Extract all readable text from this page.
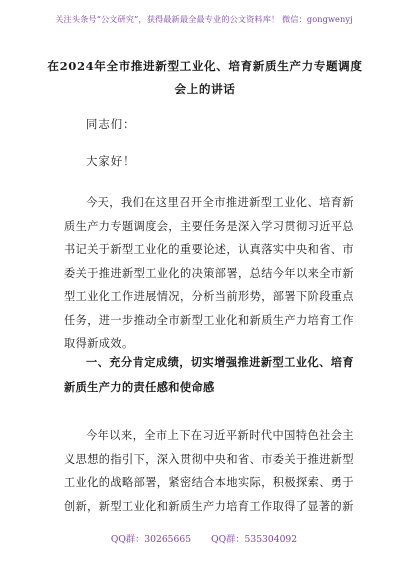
关注头条号“公文研究”，获得最新最全最专业的公文资料库！ 微信：gongwenyj
在2024年全市推进新型工业化、培育新质生产力专题调度
会上的讲话
同志们：
大家好！
今天，我们在这里召开全市推进新型工业化、培育新质生产力专题调度会，主要任务是深入学习贯彻习近平总书记关于新型工业化的重要论述，认真落实中央和省、市委关于推进新型工业化的决策部署，总结今年以来全市新型工业化工作进展情况，分析当前形势，部署下阶段重点任务，进一步推动全市新型工业化和新质生产力培育工作取得新成效。
一、充分肯定成绩，切实增强推进新型工业化、培育新质生产力的责任感和使命感
今年以来，全市上下在习近平新时代中国特色社会主义思想的指引下，深入贯彻中央和省、市委关于推进新型工业化的战略部署，紧密结合本地实际，积极探索、勇于创新，新型工业化和新质生产力培育工作取得了显著的新
QQ群：30265665 QQ群：535304092
